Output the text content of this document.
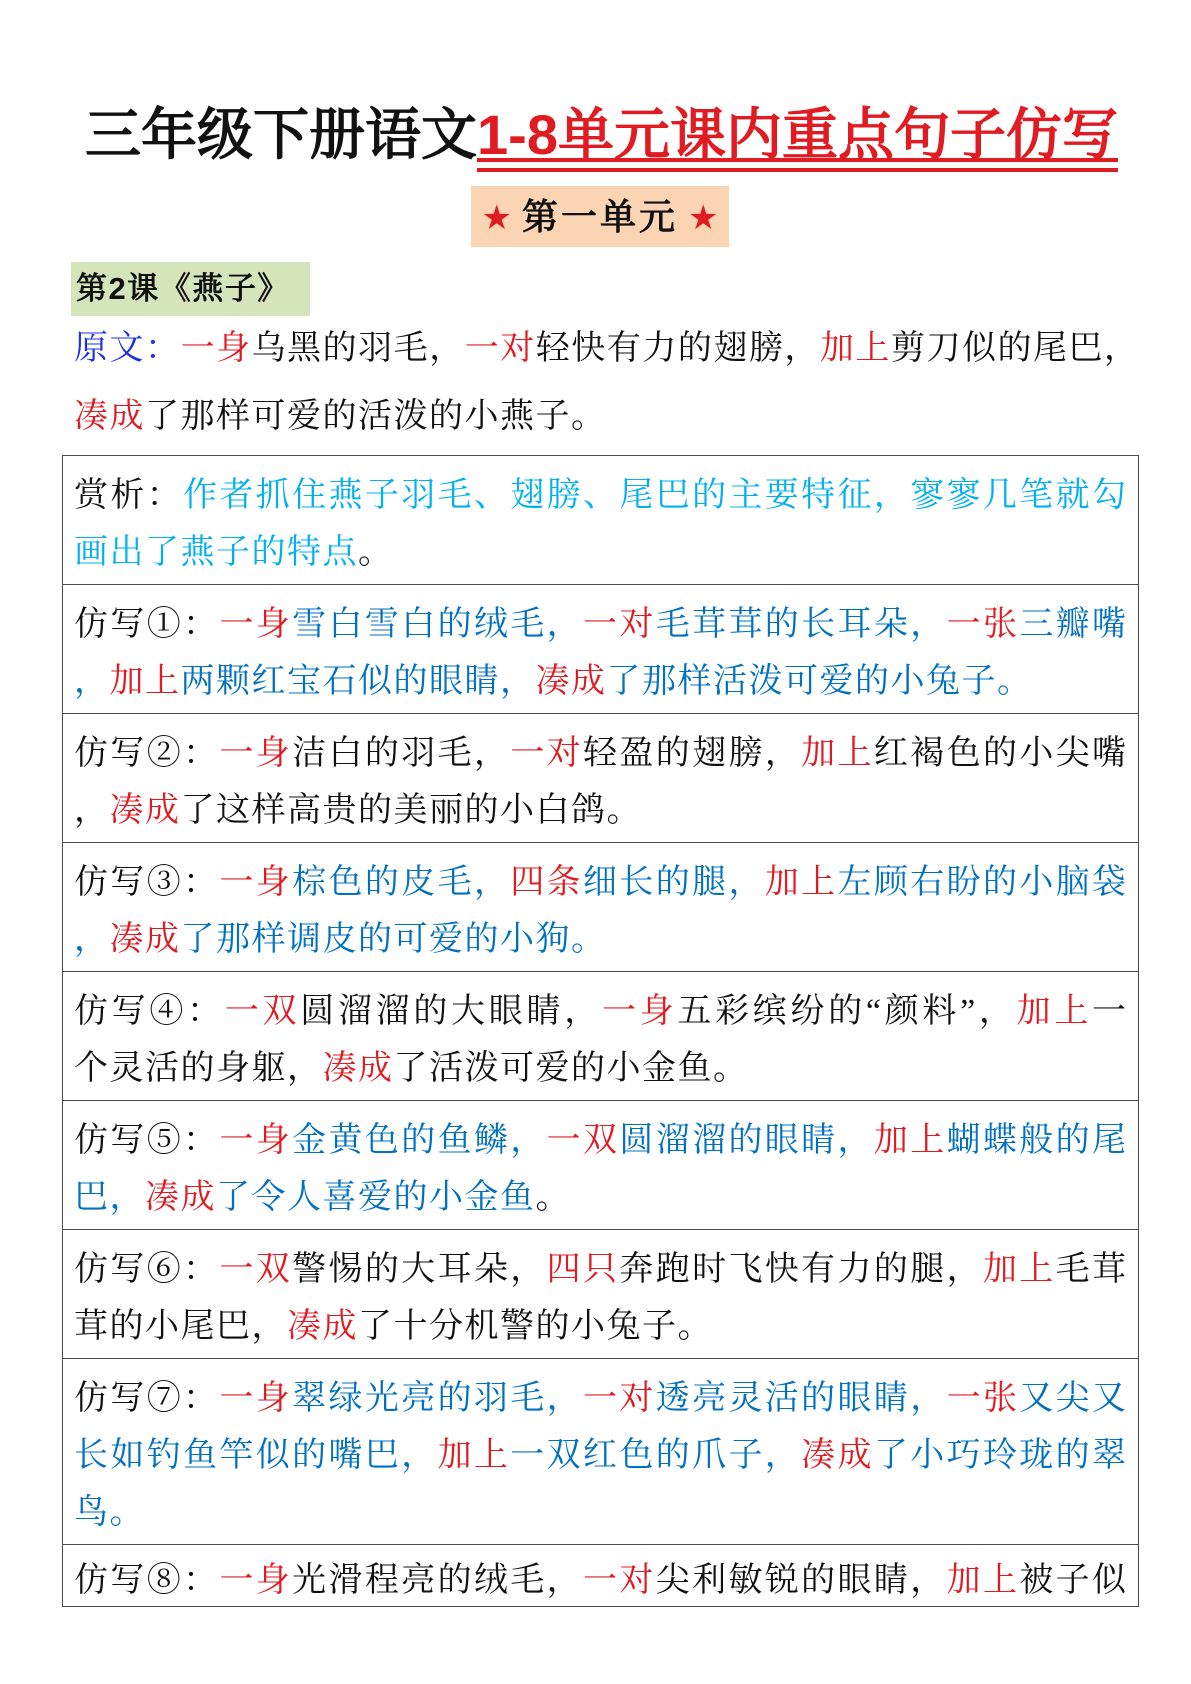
三年级下册语文1-8单元课内重点句子仿写
★ 第一单元 ★
第2课《燕子》
原文：一身乌黑的羽毛，一对轻快有力的翅膀，加上剪刀似的尾巴，
凑成了那样可爱的活泼的小燕子。
赏析：作者抓住燕子羽毛、翅膀、尾巴的主要特征，寥寥几笔就勾
画出了燕子的特点。

仿写①：一身雪白雪白的绒毛，一对毛茸茸的长耳朵，一张三瓣嘴
，加上两颗红宝石似的眼睛，凑成了那样活泼可爱的小兔子。

仿写②：一身洁白的羽毛，一对轻盈的翅膀，加上红褐色的小尖嘴
，凑成了这样高贵的美丽的小白鸽。

仿写③：一身棕色的皮毛，四条细长的腿，加上左顾右盼的小脑袋
，凑成了那样调皮的可爱的小狗。

仿写④：一双圆溜溜的大眼睛，一身五彩缤纷的“颜料”，加上一
个灵活的身躯，凑成了活泼可爱的小金鱼。

仿写⑤：一身金黄色的鱼鳞，一双圆溜溜的眼睛，加上蝴蝶般的尾
巴，凑成了令人喜爱的小金鱼。

仿写⑥：一双警惕的大耳朵，四只奔跑时飞快有力的腿，加上毛茸
茸的小尾巴，凑成了十分机警的小兔子。

仿写⑦：一身翠绿光亮的羽毛，一对透亮灵活的眼睛，一张又尖又
长如钓鱼竿似的嘴巴，加上一双红色的爪子，凑成了小巧玲珑的翠
鸟。

仿写⑧：一身光滑程亮的绒毛，一对尖利敏锐的眼睛，加上被子似
